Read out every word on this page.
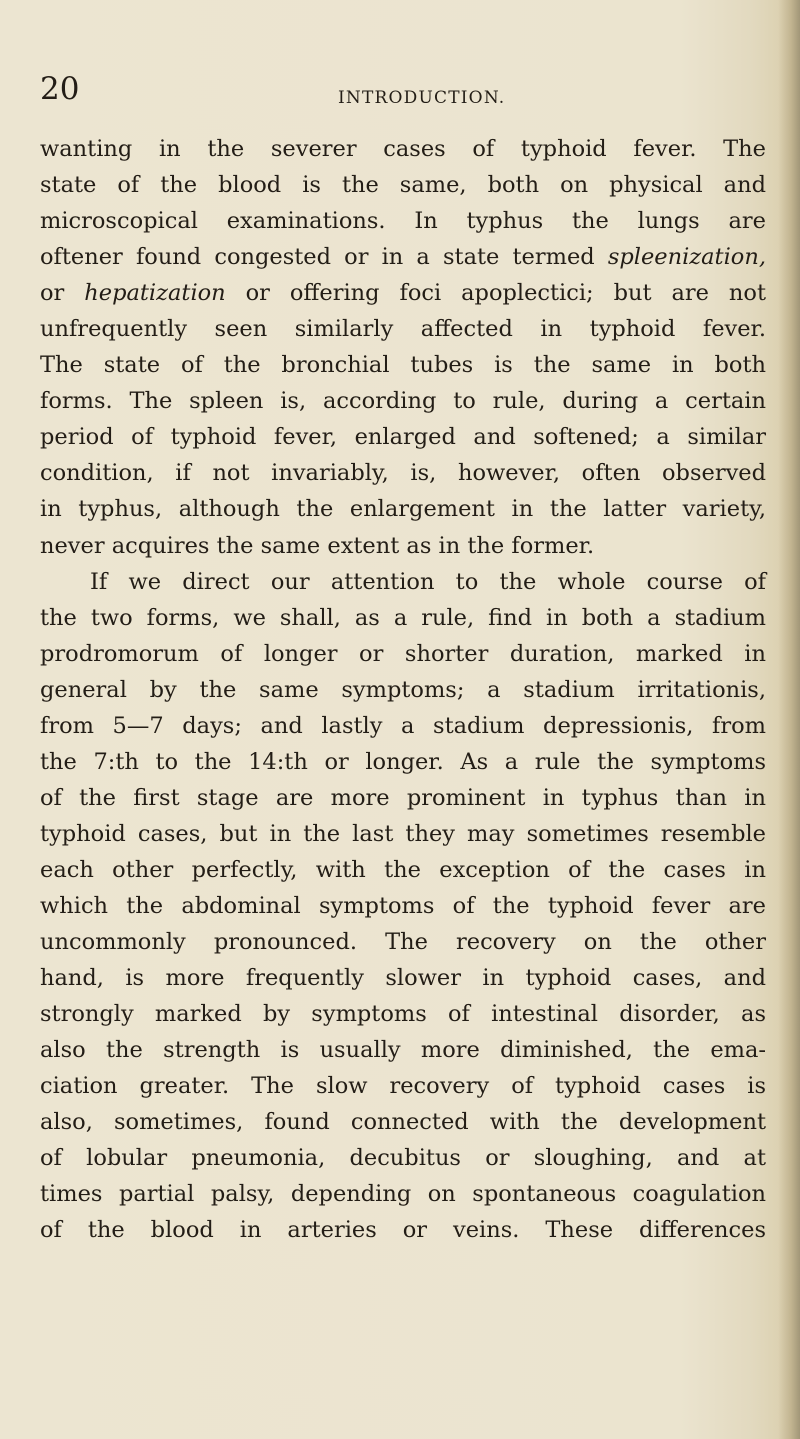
20	INTRODUCTION.
wanting in the severer cases of typhoid fever. The
state of the blood is the same, both on physical and
microscopical examinations. In typhus the lungs are
oftener found congested or in a state termed spleenization,
or hepatization or offering foci apoplectici; but are not
unfrequently seen similarly affected in typhoid fever.
The state of the bronchial tubes is the same in both
forms. The spleen is, according to rule, during a certain
period of typhoid fever, enlarged and softened; a similar
condition, if not invariably, is, however, often observed
in typhus, although the enlargement in the latter variety,
never acquires the same extent as in the former.
If we direct our attention to the whole course of
the two forms, we shall, as a rule, find in both a stadium
prodromorum of longer or shorter duration, marked in
general by the same symptoms; a stadium irritationis,
from 5—7 days; and lastly a stadium depressionis, from
the 7:th to the 14:th or longer. As a rule the symptoms
of the first stage are more prominent in typhus than in
typhoid cases, but in the last they may sometimes resemble
each other perfectly, with the exception of the cases in
which the abdominal symptoms of the typhoid fever are
uncommonly pronounced. The recovery on the other
hand, is more frequently slower in typhoid cases, and
strongly marked by symptoms of intestinal disorder, as
also the strength is usually more diminished, the ema-
ciation greater. The slow recovery of typhoid cases is
also, sometimes, found connected with the development
of lobular pneumonia, decubitus or sloughing, and at
times partial palsy, depending on spontaneous coagulation
of the blood in arteries or veins. These differences
